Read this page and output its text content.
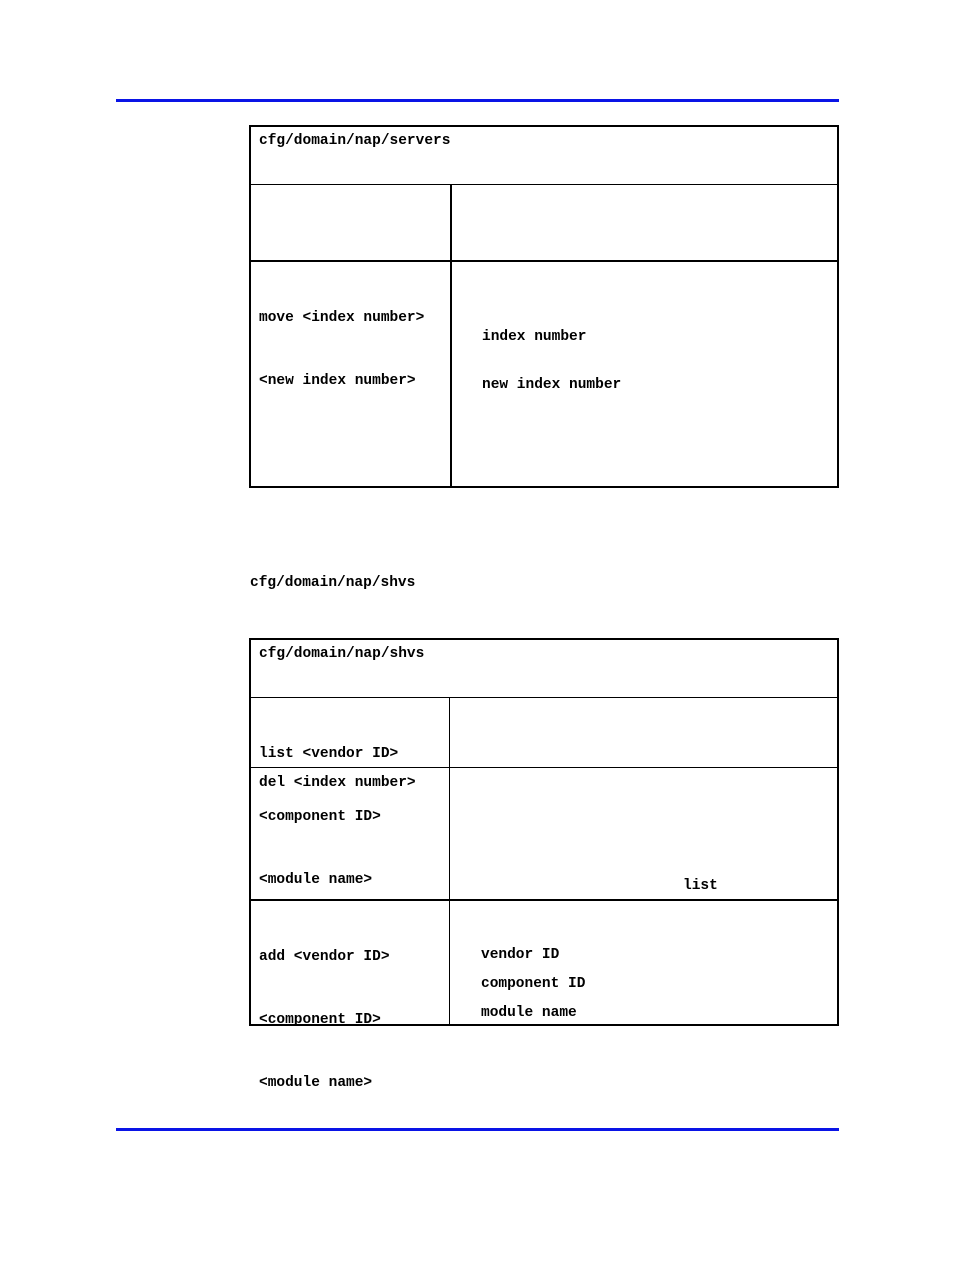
cfg/domain/nap/servers

move <index number>

<new index number>

index number
new index number
cfg/domain/nap/shvs
cfg/domain/nap/shvs

list <vendor ID>

<component ID>

<module name>

del <index number>
list

add <vendor ID>

<component ID>

<module name>

vendor ID
component ID
module name
